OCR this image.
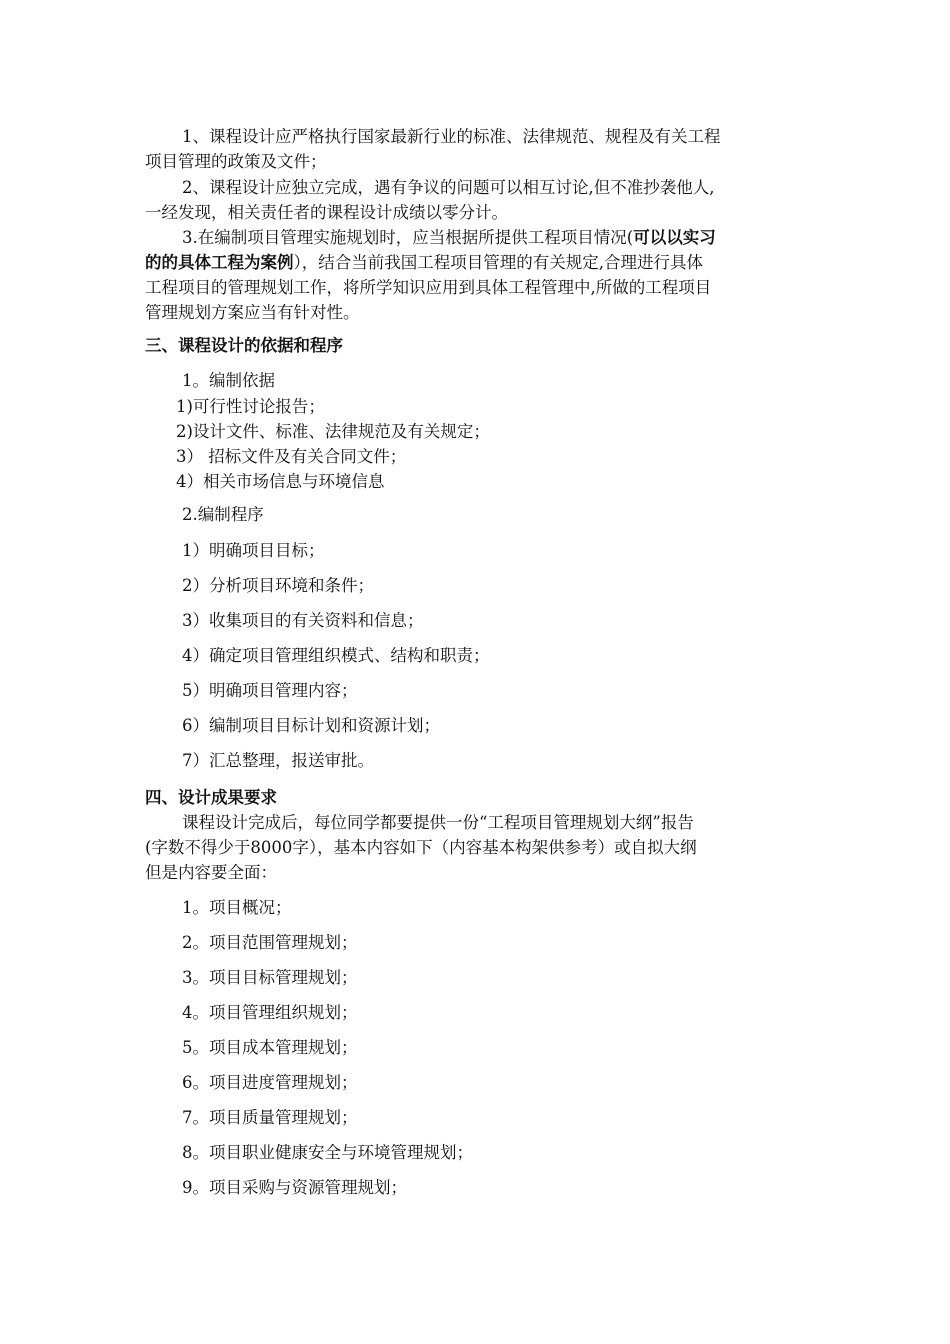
1、课程设计应严格执行国家最新行业的标准、法律规范、规程及有关工程
项目管理的政策及文件；
2、课程设计应独立完成，遇有争议的问题可以相互讨论,但不准抄袭他人,
一经发现，相关责任者的课程设计成绩以零分计。
3.在编制项目管理实施规划时，应当根据所提供工程项目情况(可以以实习
的的具体工程为案例），结合当前我国工程项目管理的有关规定,合理进行具体
工程项目的管理规划工作，将所学知识应用到具体工程管理中,所做的工程项目
管理规划方案应当有针对性。
三、课程设计的依据和程序
1。编制依据
1)可行性讨论报告；
2)设计文件、标准、法律规范及有关规定；
3） 招标文件及有关合同文件；
4）相关市场信息与环境信息
2.编制程序
1）明确项目目标；
2）分析项目环境和条件；
3）收集项目的有关资料和信息；
4）确定项目管理组织模式、结构和职责；
5）明确项目管理内容；
6）编制项目目标计划和资源计划；
7）汇总整理，报送审批。
四、设计成果要求
课程设计完成后，每位同学都要提供一份“工程项目管理规划大纲”报告
(字数不得少于8000字），基本内容如下（内容基本构架供参考）或自拟大纲
但是内容要全面：
1。项目概况；
2。项目范围管理规划；
3。项目目标管理规划；
4。项目管理组织规划；
5。项目成本管理规划；
6。项目进度管理规划；
7。项目质量管理规划；
8。项目职业健康安全与环境管理规划；
9。项目采购与资源管理规划；
